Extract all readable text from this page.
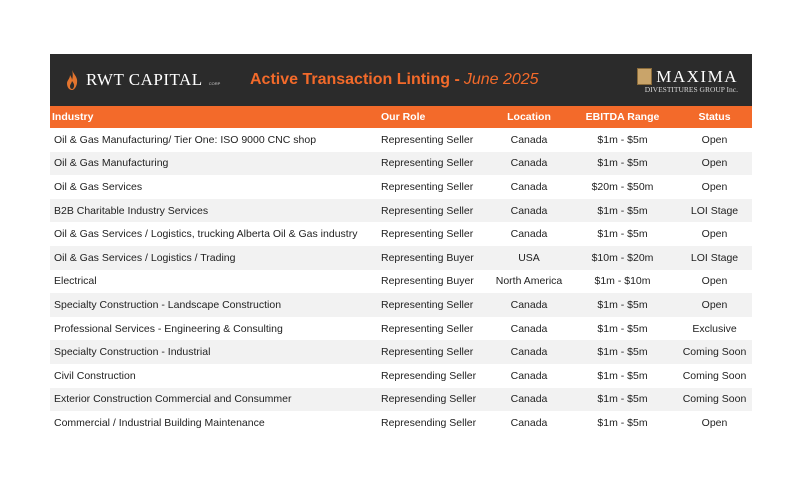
RWT CAPITAL CORP Active Transaction Linting - June 2025	MAXIMA
DIVESTITURES GROUP Inc.
Industry	Our Role	Location	EBITDA Range	Status
Oil & Gas Manufacturing/ Tier One: ISO 9000 CNC shop	Representing Seller	Canada	$1m - $5m	Open
Oil & Gas Manufacturing	Representing Seller	Canada	$1m - $5m	Open
Oil & Gas Services	Representing Seller	Canada	$20m - $50m	Open
B2B Charitable Industry Services	Representing Seller	Canada	$1m - $5m	LOI Stage
Oil & Gas Services / Logistics, trucking Alberta Oil & Gas industry	Representing Seller	Canada	$1m - $5m	Open
Oil & Gas Services / Logistics / Trading	Representing Buyer	USA	$10m - $20m	LOI Stage
Electrical	Representing Buyer	North America	$1m - $10m	Open
Specialty Construction - Landscape Construction	Representing Seller	Canada	$1m - $5m	Open
Professional Services - Engineering & Consulting	Representing Seller	Canada	$1m - $5m	Exclusive
Specialty Construction - Industrial	Representing Seller	Canada	$1m - $5m	Coming Soon
Civil Construction	Represending Seller	Canada	$1m - $5m	Coming Soon
Exterior Construction Commercial and Consummer	Represending Seller	Canada	$1m - $5m	Coming Soon
Commercial / Industrial Building Maintenance	Represending Seller	Canada	$1m - $5m	Open
